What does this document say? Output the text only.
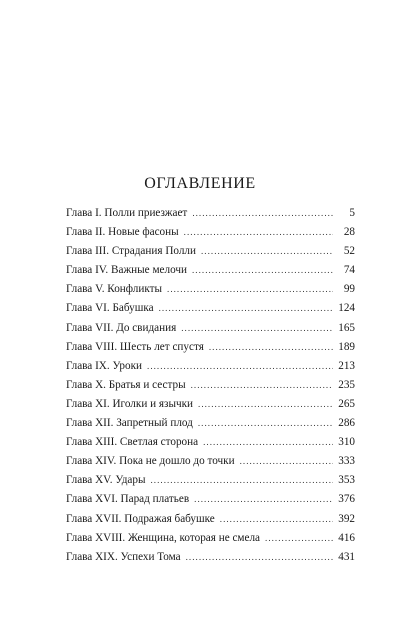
ОГЛАВЛЕНИЕ
Глава I. Полли приезжает . . .	5
Глава II. Новые фасоны . . .	28
Глава III. Страдания Полли . . .	52
Глава IV. Важные мелочи . . .	74
Глава V. Конфликты . . .	99
Глава VI. Бабушка . . .	124
Глава VII. До свидания . . .	165
Глава VIII. Шесть лет спустя . . .	189
Глава IX. Уроки . . .	213
Глава X. Братья и сестры . . .	235
Глава XI. Иголки и язычки . . .	265
Глава XII. Запретный плод . . .	286
Глава XIII. Светлая сторона . . .	310
Глава XIV. Пока не дошло до точки . . .	333
Глава XV. Удары . . .	353
Глава XVI. Парад платьев . . .	376
Глава XVII. Подражая бабушке . . .	392
Глава XVIII. Женщина, которая не смела . . .	416
Глава XIX. Успехи Тома . . .	431
